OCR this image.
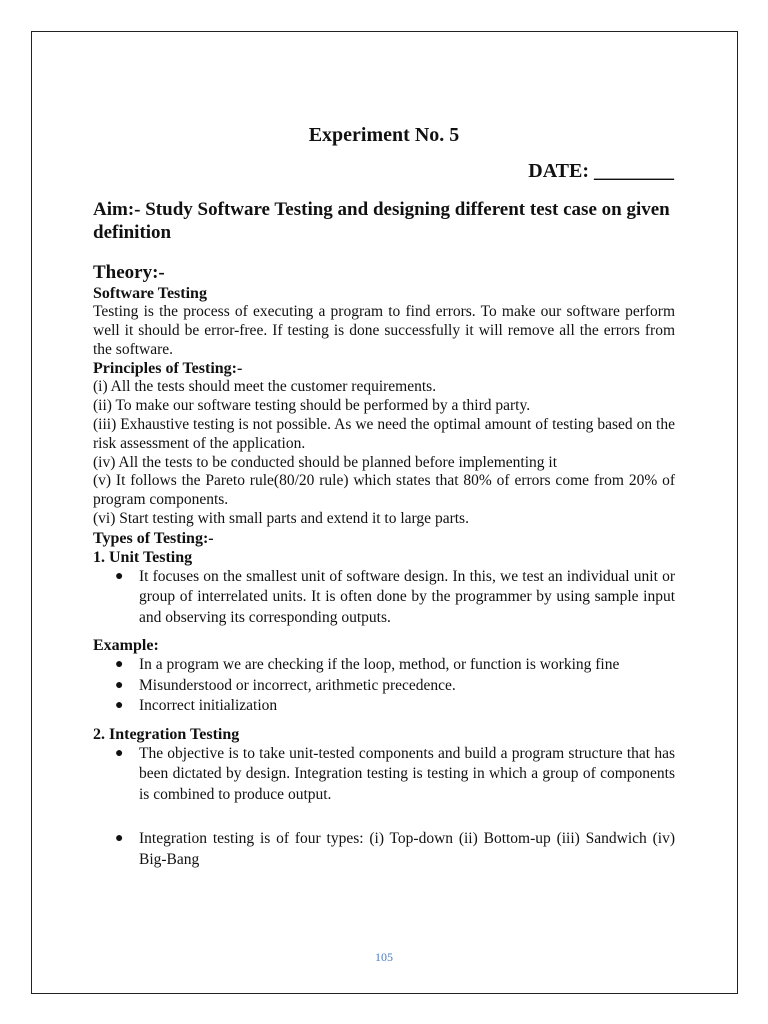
Experiment No. 5
DATE: ________

Aim:- Study Software Testing and designing different test case on given definition

Theory:-
Software Testing

Testing is the process of executing a program to find errors. To make our software perform well it should be error-free. If testing is done successfully it will remove all the errors from the software.

Principles of Testing:-

(i) All the tests should meet the customer requirements.

(ii) To make our software testing should be performed by a third party.

(iii) Exhaustive testing is not possible. As we need the optimal amount of testing based on the risk assessment of the application.

(iv) All the tests to be conducted should be planned before implementing it

(v) It follows the Pareto rule(80/20 rule) which states that 80% of errors come from 20% of program components.

(vi) Start testing with small parts and extend it to large parts.

Types of Testing:-
1. Unit Testing
● It focuses on the smallest unit of software design. In this, we test an individual unit or group of interrelated units. It is often done by the programmer by using sample input and observing its corresponding outputs.
Example:
● In a program we are checking if the loop, method, or function is working fine
● Misunderstood or incorrect, arithmetic precedence.
● Incorrect initialization
2. Integration Testing
● The objective is to take unit-tested components and build a program structure that has been dictated by design. Integration testing is testing in which a group of components is combined to produce output.
● Integration testing is of four types: (i) Top-down (ii) Bottom-up (iii) Sandwich (iv) Big-Bang
105
